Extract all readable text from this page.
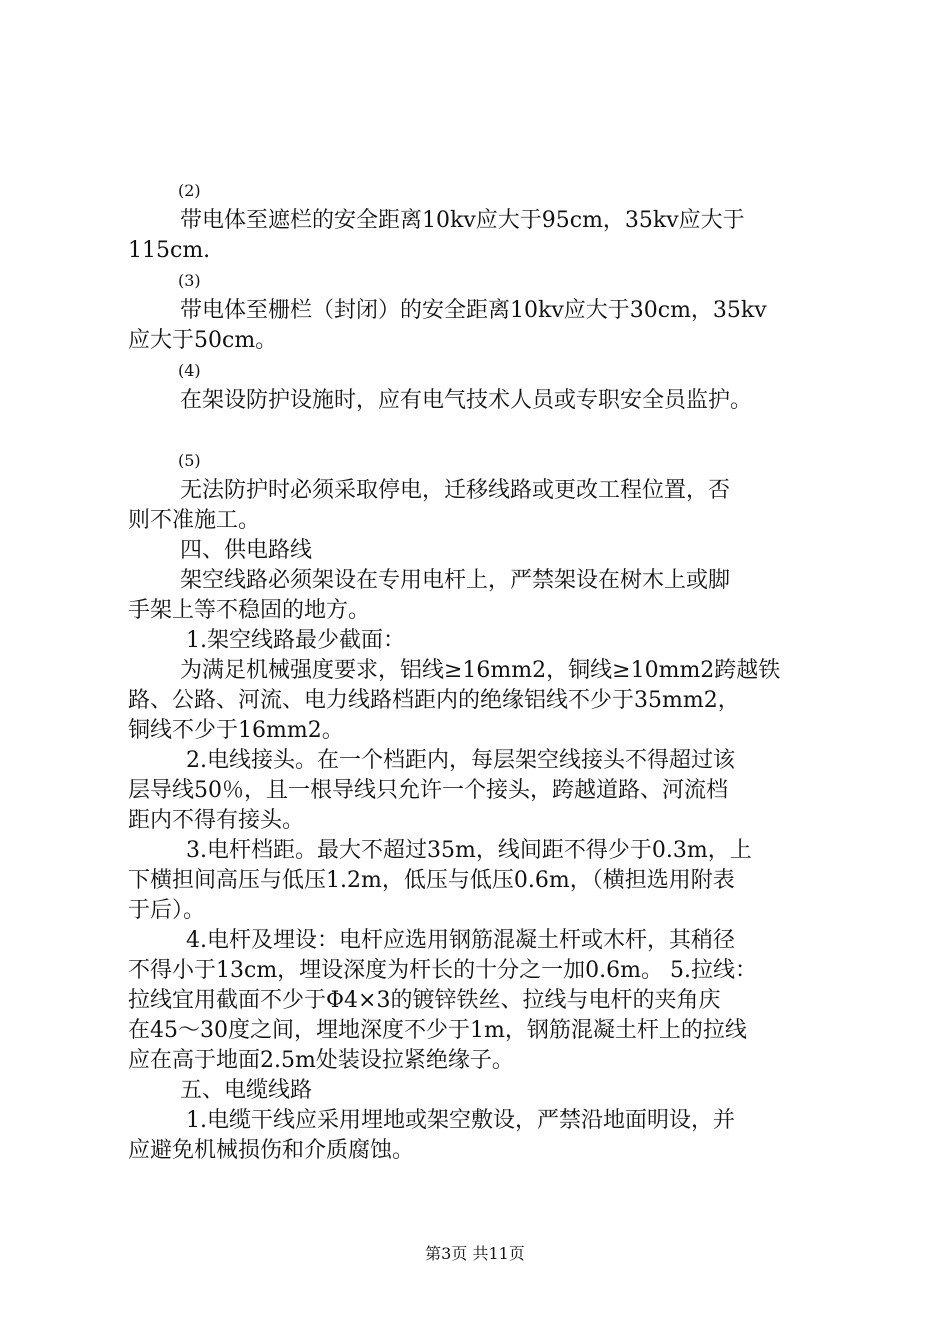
(2)
带电体至遮栏的安全距离10kv应大于95cm，35kv应大于
115cm.
(3)
带电体至栅栏（封闭）的安全距离10kv应大于30cm，35kv
应大于50cm。
(4)
在架设防护设施时，应有电气技术人员或专职安全员监护。
(5)
无法防护时必须采取停电，迁移线路或更改工程位置，否
则不准施工。
四、供电路线
架空线路必须架设在专用电杆上，严禁架设在树木上或脚
手架上等不稳固的地方。
1.架空线路最少截面：
为满足机械强度要求，铝线≥16mm2，铜线≥10mm2跨越铁
路、公路、河流、电力线路档距内的绝缘铝线不少于35mm2，
铜线不少于16mm2。
2.电线接头。在一个档距内，每层架空线接头不得超过该
层导线50％，且一根导线只允许一个接头，跨越道路、河流档
距内不得有接头。
3.电杆档距。最大不超过35m，线间距不得少于0.3m，上
下横担间高压与低压1.2m，低压与低压0.6m，（横担选用附表
于后）。
4.电杆及埋设：电杆应选用钢筋混凝土杆或木杆，其稍径
不得小于13cm，埋设深度为杆长的十分之一加0.6m。 5.拉线：
拉线宜用截面不少于Φ4×3的镀锌铁丝、拉线与电杆的夹角庆
在45～30度之间，埋地深度不少于1m，钢筋混凝土杆上的拉线
应在高于地面2.5m处装设拉紧绝缘子。
五、电缆线路
1.电缆干线应采用埋地或架空敷设，严禁沿地面明设，并
应避免机械损伤和介质腐蚀。
第3页 共11页
